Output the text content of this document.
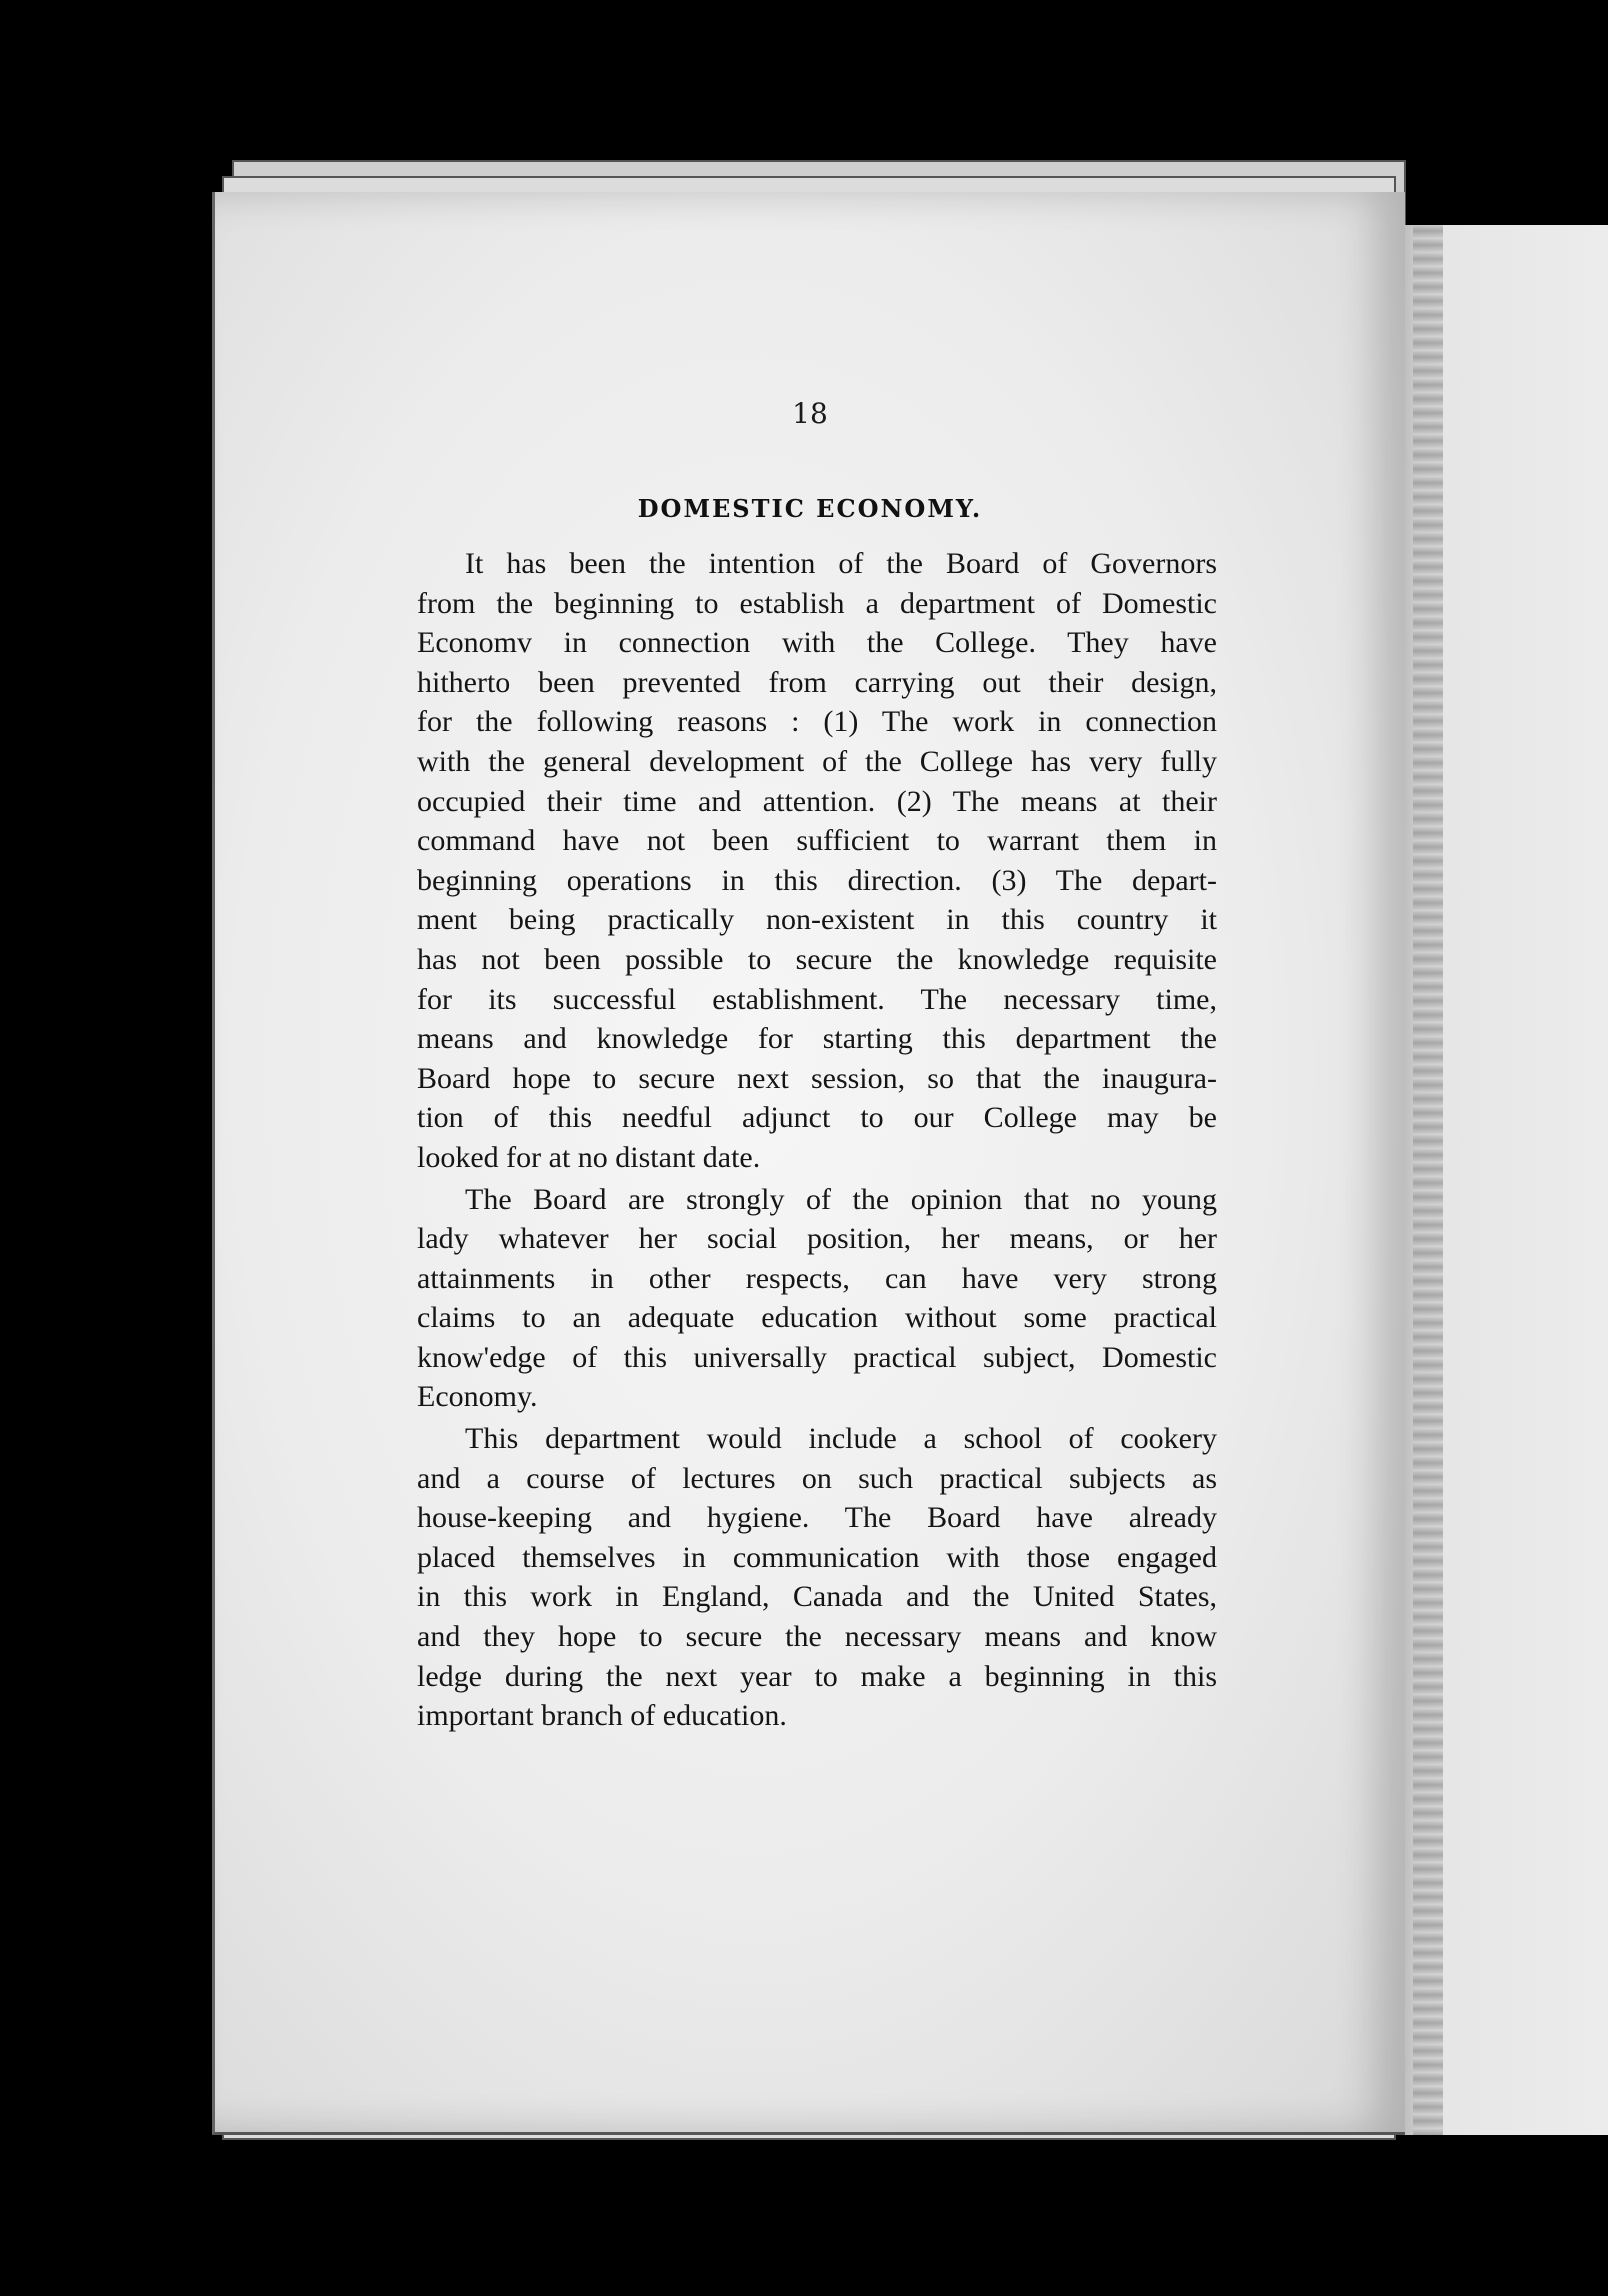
18
DOMESTIC ECONOMY.

It has been the intention of the Board of Governors
from the beginning to establish a department of Domestic
Economv in connection with the College. They have
hitherto been prevented from carrying out their design,
for the following reasons : (1) The work in connection
with the general development of the College has very fully
occupied their time and attention. (2) The means at their
command have not been sufficient to warrant them in
beginning operations in this direction. (3) The depart-
ment being practically non-existent in this country it
has not been possible to secure the knowledge requisite
for its successful establishment. The necessary time,
means and knowledge for starting this department the
Board hope to secure next session, so that the inaugura-
tion of this needful adjunct to our College may be
looked for at no distant date.

The Board are strongly of the opinion that no young
lady whatever her social position, her means, or her
attainments in other respects, can have very strong
claims to an adequate education without some practical
know'edge of this universally practical subject, Domestic
Economy.

This department would include a school of cookery
and a course of lectures on such practical subjects as
house-keeping and hygiene. The Board have already
placed themselves in communication with those engaged
in this work in England, Canada and the United States,
and they hope to secure the necessary means and know
ledge during the next year to make a beginning in this
important branch of education.
